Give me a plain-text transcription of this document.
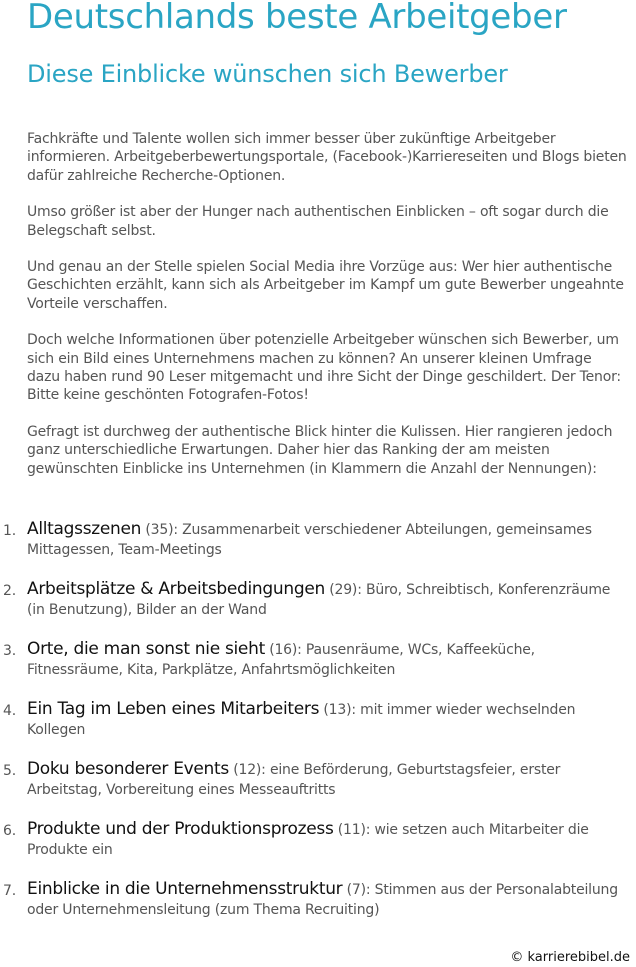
Deutschlands beste Arbeitgeber
Diese Einblicke wünschen sich Bewerber

Fachkräfte und Talente wollen sich immer besser über zukünftige Arbeitgeber informieren. Arbeitgeberbewertungsportale, (Facebook-)Karriereseiten und Blogs bieten dafür zahlreiche Recherche-Optionen.

Umso größer ist aber der Hunger nach authentischen Einblicken – oft sogar durch die Belegschaft selbst.

Und genau an der Stelle spielen Social Media ihre Vorzüge aus: Wer hier authentische Geschichten erzählt, kann sich als Arbeitgeber im Kampf um gute Bewerber ungeahnte Vorteile verschaffen.

Doch welche Informationen über potenzielle Arbeitgeber wünschen sich Bewerber, um sich ein Bild eines Unternehmens machen zu können? An unserer kleinen Umfrage dazu haben rund 90 Leser mitgemacht und ihre Sicht der Dinge geschildert. Der Tenor: Bitte keine geschönten Fotografen-Fotos!

Gefragt ist durchweg der authentische Blick hinter die Kulissen. Hier rangieren jedoch ganz unterschiedliche Erwartungen. Daher hier das Ranking der am meisten gewünschten Einblicke ins Unternehmen (in Klammern die Anzahl der Nennungen):

1. Alltagsszenen (35): Zusammenarbeit verschiedener Abteilungen, gemeinsames Mittagessen, Team-Meetings
2. Arbeitsplätze & Arbeitsbedingungen (29): Büro, Schreibtisch, Konferenzräume (in Benutzung), Bilder an der Wand
3. Orte, die man sonst nie sieht (16): Pausenräume, WCs, Kaffeeküche, Fitnessräume, Kita, Parkplätze, Anfahrtsmöglichkeiten
4. Ein Tag im Leben eines Mitarbeiters (13): mit immer wieder wechselnden Kollegen
5. Doku besonderer Events (12): eine Beförderung, Geburtstagsfeier, erster Arbeitstag, Vorbereitung eines Messeauftritts
6. Produkte und der Produktionsprozess (11): wie setzen auch Mitarbeiter die Produkte ein
7. Einblicke in die Unternehmensstruktur (7): Stimmen aus der Personalabteilung oder Unternehmensleitung (zum Thema Recruiting)
© karrierebibel.de
